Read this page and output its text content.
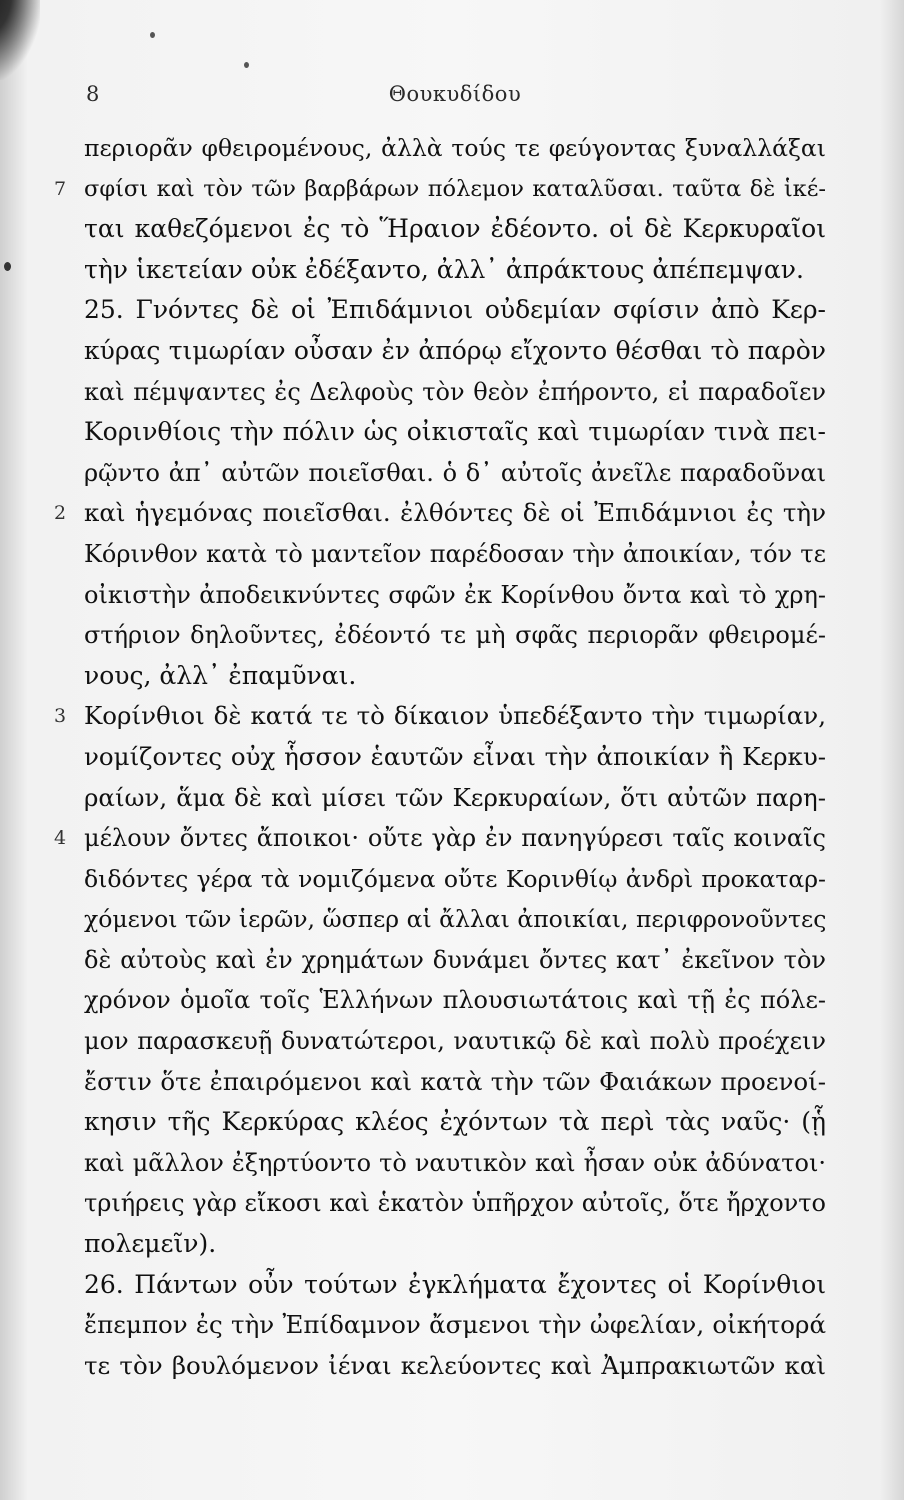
8	Θουκυδίδου
περιορᾶν φθειρομένους, ἀλλὰ τούς τε φεύγοντας ξυναλλάξαι
7 σφίσι καὶ τὸν τῶν βαρβάρων πόλεμον καταλῦσαι. ταῦτα δὲ ἱκέ-
ται καθεζόμενοι ἐς τὸ Ἥραιον ἐδέοντο. οἱ δὲ Κερκυραῖοι
τὴν ἱκετείαν οὐκ ἐδέξαντο, ἀλλ᾽ ἀπράκτους ἀπέπεμψαν.
25. Γνόντες δὲ οἱ Ἐπιδάμνιοι οὐδεμίαν σφίσιν ἀπὸ Κερ-
κύρας τιμωρίαν οὖσαν ἐν ἀπόρῳ εἴχοντο θέσθαι τὸ παρὸν
καὶ πέμψαντες ἐς Δελφοὺς τὸν θεὸν ἐπήροντο, εἰ παραδοῖεν
Κορινθίοις τὴν πόλιν ὡς οἰκισταῖς καὶ τιμωρίαν τινὰ πει-
ρῷντο ἀπ᾽ αὐτῶν ποιεῖσθαι. ὁ δ᾽ αὐτοῖς ἀνεῖλε παραδοῦναι
2 καὶ ἡγεμόνας ποιεῖσθαι. ἐλθόντες δὲ οἱ Ἐπιδάμνιοι ἐς τὴν
Κόρινθον κατὰ τὸ μαντεῖον παρέδοσαν τὴν ἀποικίαν, τόν τε
οἰκιστὴν ἀποδεικνύντες σφῶν ἐκ Κορίνθου ὄντα καὶ τὸ χρη-
στήριον δηλοῦντες, ἐδέοντό τε μὴ σφᾶς περιορᾶν φθειρομέ-
νους, ἀλλ᾽ ἐπαμῦναι.
3 Κορίνθιοι δὲ κατά τε τὸ δίκαιον ὑπεδέξαντο τὴν τιμωρίαν,
νομίζοντες οὐχ ἧσσον ἑαυτῶν εἶναι τὴν ἀποικίαν ἢ Κερκυ-
ραίων, ἅμα δὲ καὶ μίσει τῶν Κερκυραίων, ὅτι αὐτῶν παρη-
4 μέλουν ὄντες ἄποικοι· οὔτε γὰρ ἐν πανηγύρεσι ταῖς κοιναῖς
διδόντες γέρα τὰ νομιζόμενα οὔτε Κορινθίῳ ἀνδρὶ προκαταρ-
χόμενοι τῶν ἱερῶν, ὥσπερ αἱ ἄλλαι ἀποικίαι, περιφρονοῦντες
δὲ αὐτοὺς καὶ ἐν χρημάτων δυνάμει ὄντες κατ᾽ ἐκεῖνον τὸν
χρόνον ὁμοῖα τοῖς Ἑλλήνων πλουσιωτάτοις καὶ τῇ ἐς πόλε-
μον παρασκευῇ δυνατώτεροι, ναυτικῷ δὲ καὶ πολὺ προέχειν
ἔστιν ὅτε ἐπαιρόμενοι καὶ κατὰ τὴν τῶν Φαιάκων προενοί-
κησιν τῆς Κερκύρας κλέος ἐχόντων τὰ περὶ τὰς ναῦς· (ᾗ
καὶ μᾶλλον ἐξηρτύοντο τὸ ναυτικὸν καὶ ἦσαν οὐκ ἀδύνατοι·
τριήρεις γὰρ εἴκοσι καὶ ἑκατὸν ὑπῆρχον αὐτοῖς, ὅτε ἤρχοντο
πολεμεῖν).
26. Πάντων οὖν τούτων ἐγκλήματα ἔχοντες οἱ Κορίνθιοι
ἔπεμπον ἐς τὴν Ἐπίδαμνον ἄσμενοι τὴν ὠφελίαν, οἰκήτορά
τε τὸν βουλόμενον ἰέναι κελεύοντες καὶ Ἀμπρακιωτῶν καὶ
